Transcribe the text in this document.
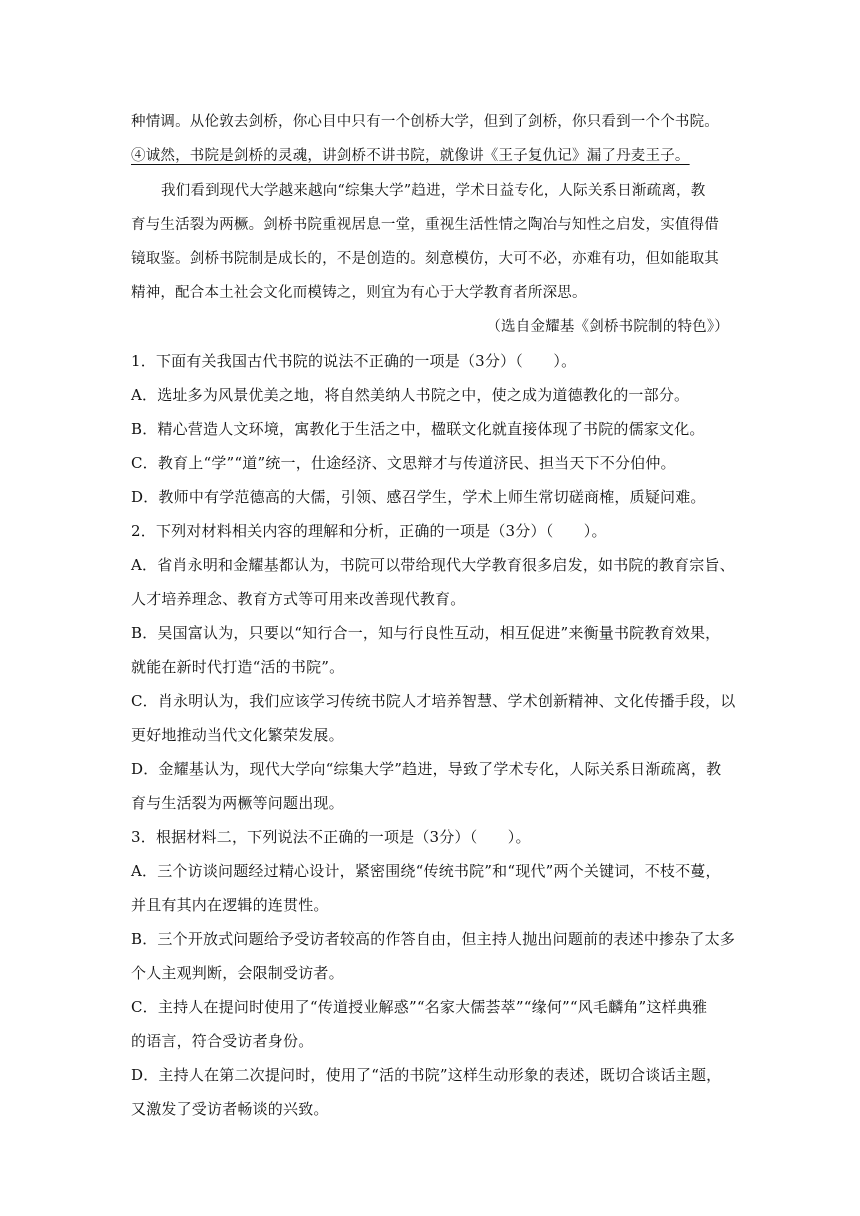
种情调。从伦敦去剑桥，你心目中只有一个创桥大学，但到了剑桥，你只看到一个个书院。
④诚然，书院是剑桥的灵魂，讲剑桥不讲书院，就像讲《王子复仇记》漏了丹麦王子。
我们看到现代大学越来越向“综集大学”趋进，学术日益专化，人际关系日渐疏离，教
育与生活裂为两橛。剑桥书院重视居息一堂，重视生活性情之陶冶与知性之启发，实值得借
镜取鉴。剑桥书院制是成长的，不是创造的。刻意模仿，大可不必，亦难有功，但如能取其
精神，配合本土社会文化而模铸之，则宜为有心于大学教育者所深思。
（选自金耀基《剑桥书院制的特色》）
1．下面有关我国古代书院的说法不正确的一项是（3分）（　　）。
A．选址多为风景优美之地，将自然美纳人书院之中，使之成为道德教化的一部分。
B．精心营造人文环境，寓教化于生活之中，楹联文化就直接体现了书院的儒家文化。
C．教育上“学”“道”统一，仕途经济、文思辩才与传道济民、担当天下不分伯仲。
D．教师中有学范德高的大儒，引领、感召学生，学术上师生常切磋商榷，质疑问难。
2．下列对材料相关内容的理解和分析，正确的一项是（3分）（　　）。
A．省肖永明和金耀基都认为，书院可以带给现代大学教育很多启发，如书院的教育宗旨、
人才培养理念、教育方式等可用来改善现代教育。
B．吴国富认为，只要以“知行合一，知与行良性互动，相互促进”来衡量书院教育效果，
就能在新时代打造“活的书院”。
C．肖永明认为，我们应该学习传统书院人才培养智慧、学术创新精神、文化传播手段，以
更好地推动当代文化繁荣发展。
D．金耀基认为，现代大学向“综集大学”趋进，导致了学术专化，人际关系日渐疏离，教
育与生活裂为两橛等问题出现。
3．根据材料二，下列说法不正确的一项是（3分）（　　）。
A．三个访谈问题经过精心设计，紧密围绕“传统书院”和“现代”两个关键词，不枝不蔓，
并且有其内在逻辑的连贯性。
B．三个开放式问题给予受访者较高的作答自由，但主持人抛出问题前的表述中掺杂了太多
个人主观判断，会限制受访者。
C．主持人在提问时使用了“传道授业解惑”“名家大儒荟萃”“缘何”“风毛麟角”这样典雅
的语言，符合受访者身份。
D．主持人在第二次提问时，使用了“活的书院”这样生动形象的表述，既切合谈话主题，
又激发了受访者畅谈的兴致。
